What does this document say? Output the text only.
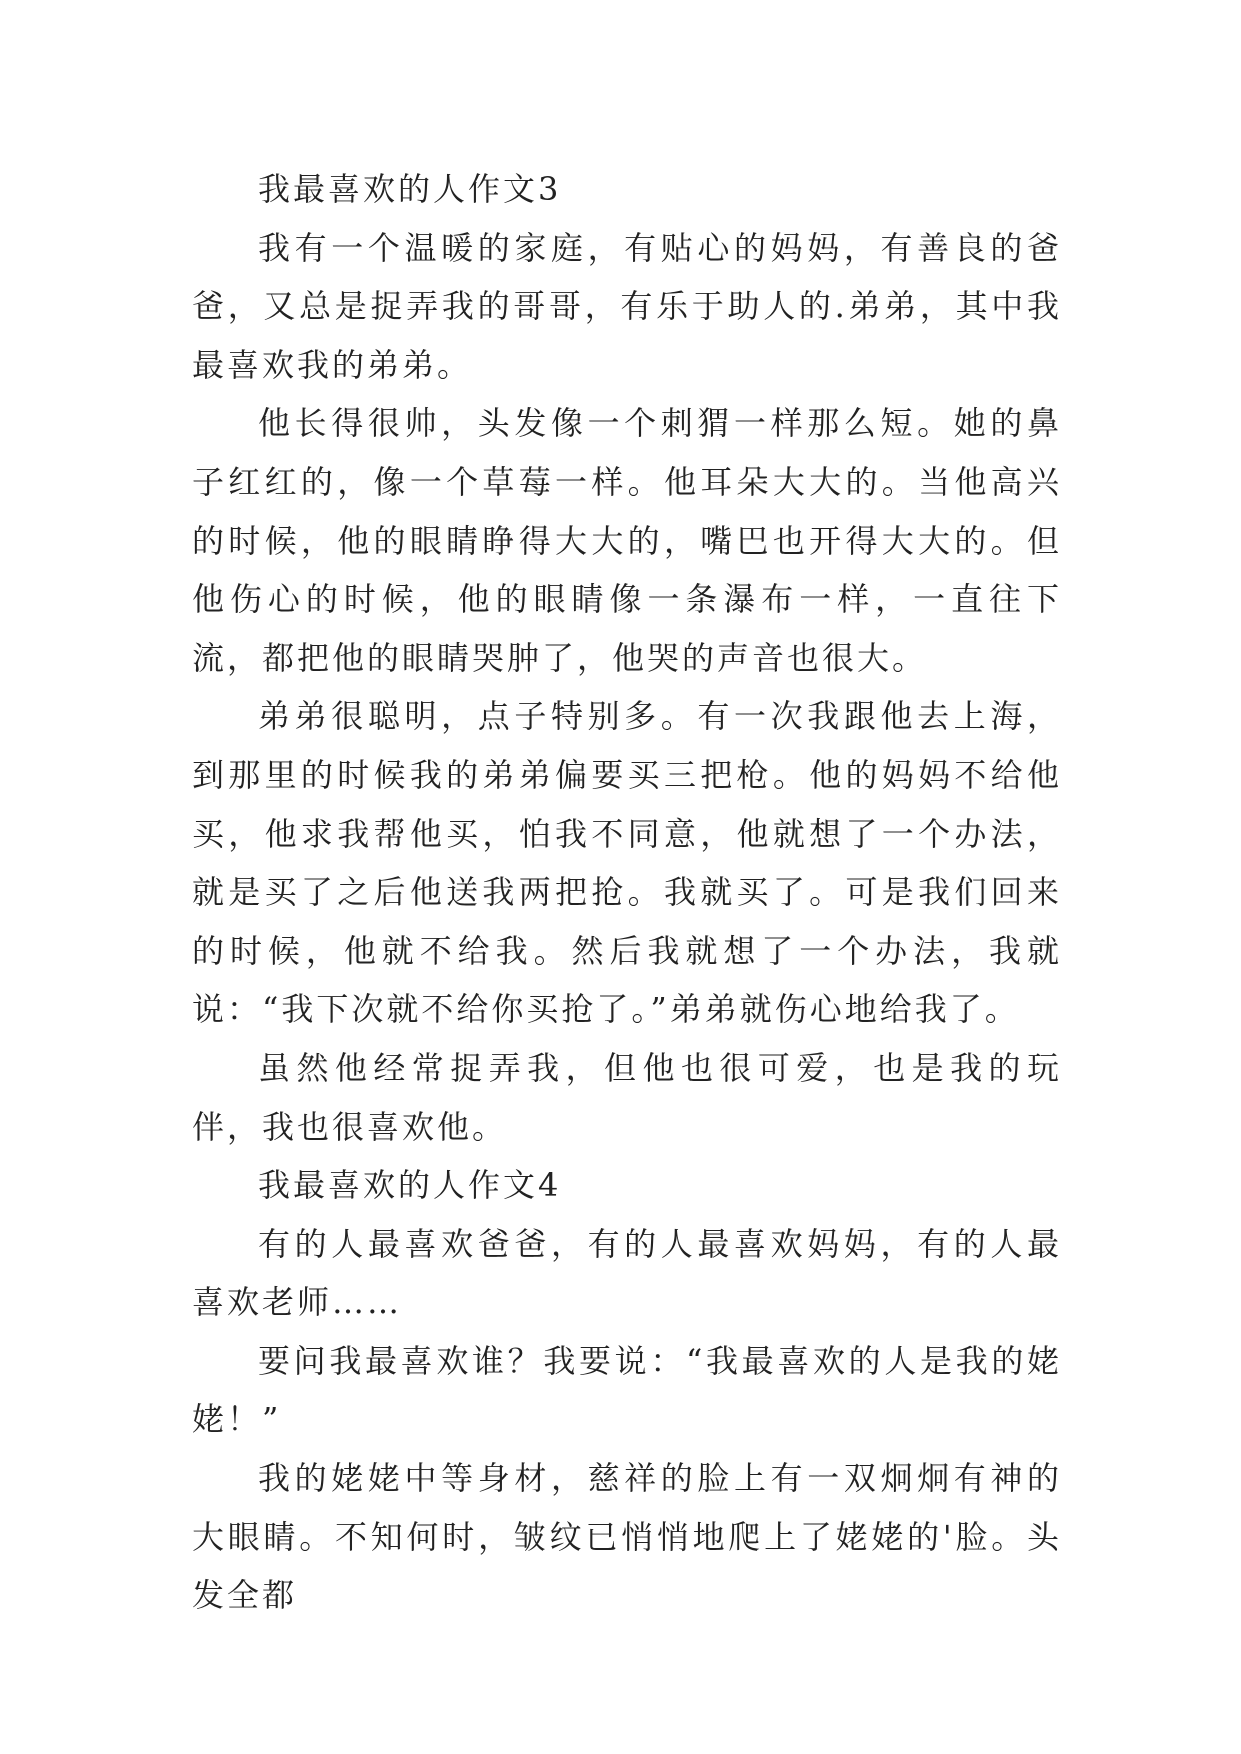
我最喜欢的人作文3

我有一个温暖的家庭，有贴心的妈妈，有善良的爸爸，又总是捉弄我的哥哥，有乐于助人的.弟弟，其中我最喜欢我的弟弟。

他长得很帅，头发像一个刺猬一样那么短。她的鼻子红红的，像一个草莓一样。他耳朵大大的。当他高兴的时候，他的眼睛睁得大大的，嘴巴也开得大大的。但他伤心的时候，他的眼睛像一条瀑布一样，一直往下流，都把他的眼睛哭肿了，他哭的声音也很大。

弟弟很聪明，点子特别多。有一次我跟他去上海，到那里的时候我的弟弟偏要买三把枪。他的妈妈不给他买，他求我帮他买，怕我不同意，他就想了一个办法，就是买了之后他送我两把抢。我就买了。可是我们回来的时候，他就不给我。然后我就想了一个办法，我就说：“我下次就不给你买抢了。”弟弟就伤心地给我了。

虽然他经常捉弄我，但他也很可爱，也是我的玩伴，我也很喜欢他。

我最喜欢的人作文4

有的人最喜欢爸爸，有的人最喜欢妈妈，有的人最喜欢老师……

要问我最喜欢谁？我要说：“我最喜欢的人是我的姥姥！”

我的姥姥中等身材，慈祥的脸上有一双炯炯有神的大眼睛。不知何时，皱纹已悄悄地爬上了姥姥的'脸。头发全都
